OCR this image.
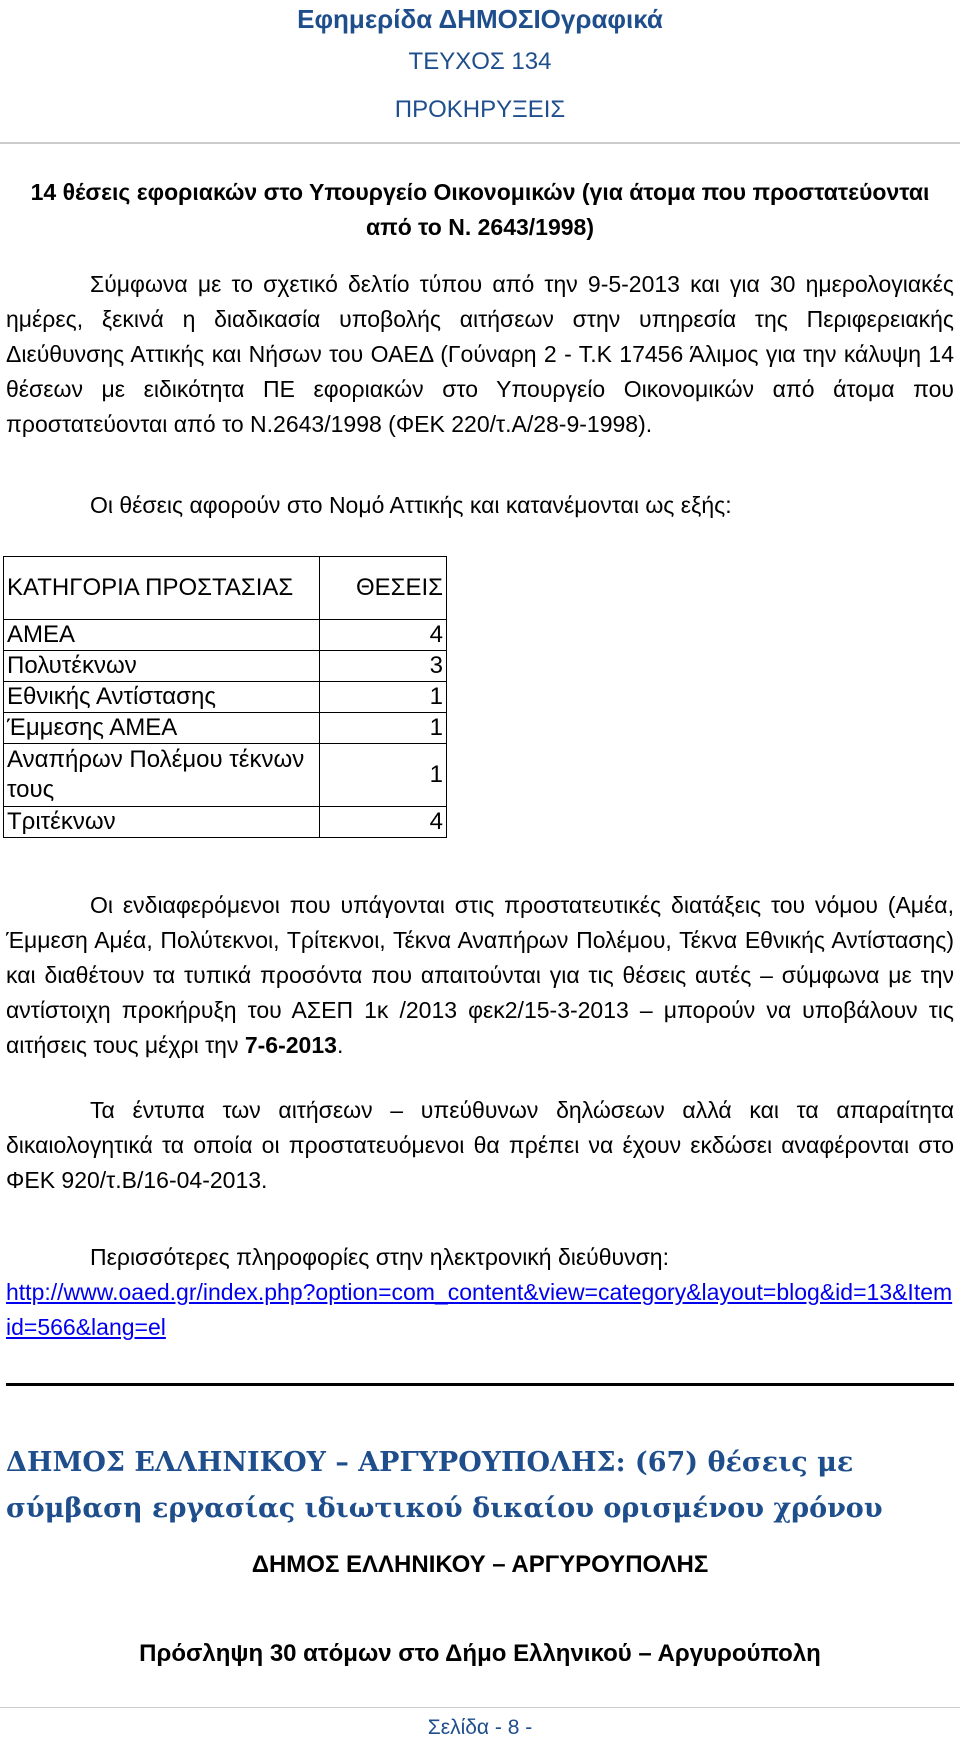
Εφημερίδα ΔΗΜΟΣΙΟγραφικά
ΤΕΥΧΟΣ 134
ΠΡΟΚΗΡΥΞΕΙΣ
14 θέσεις εφοριακών στο Υπουργείο Οικονομικών (για άτομα που προστατεύονται από το Ν. 2643/1998)
Σύμφωνα με το σχετικό δελτίο τύπου από την 9-5-2013 και για 30 ημερολογιακές ημέρες, ξεκινά η διαδικασία υποβολής αιτήσεων στην υπηρεσία της Περιφερειακής Διεύθυνσης Αττικής και Νήσων του ΟΑΕΔ (Γούναρη 2 - Τ.Κ 17456 Άλιμος για την κάλυψη 14 θέσεων με ειδικότητα ΠΕ εφοριακών στο Υπουργείο Οικονομικών από άτομα που προστατεύονται από το Ν.2643/1998 (ΦΕΚ 220/τ.Α/28-9-1998).
Οι θέσεις αφορούν στο Νομό Αττικής και κατανέμονται ως εξής:
ΚΑΤΗΓΟΡΙΑ ΠΡΟΣΤΑΣΙΑΣ	ΘΕΣΕΙΣ
ΑΜΕΑ	4
Πολυτέκνων	3
Εθνικής Αντίστασης	1
Έμμεσης ΑΜΕΑ	1
Αναπήρων Πολέμου τέκνων τους	1
Τριτέκνων	4
Οι ενδιαφερόμενοι που υπάγονται στις προστατευτικές διατάξεις του νόμου (Αμέα, Έμμεση Αμέα, Πολύτεκνοι, Τρίτεκνοι, Τέκνα Αναπήρων Πολέμου, Τέκνα Εθνικής Αντίστασης) και διαθέτουν τα τυπικά προσόντα που απαιτούνται για τις θέσεις αυτές – σύμφωνα με την αντίστοιχη προκήρυξη του ΑΣΕΠ 1κ /2013 φεκ2/15-3-2013 – μπορούν να υποβάλουν τις αιτήσεις τους μέχρι την 7-6-2013.
Τα έντυπα των αιτήσεων – υπεύθυνων δηλώσεων αλλά και τα απαραίτητα δικαιολογητικά τα οποία οι προστατευόμενοι θα πρέπει να έχουν εκδώσει αναφέρονται στο ΦΕΚ 920/τ.Β/16-04-2013.
Περισσότερες πληροφορίες στην ηλεκτρονική διεύθυνση:
http://www.oaed.gr/index.php?option=com_content&view=category&layout=blog&id=13&Itemid=566&lang=el
ΔΗΜΟΣ ΕΛΛΗΝΙΚΟΥ – ΑΡΓΥΡΟΥΠΟΛΗΣ: (67) θέσεις με σύμβαση εργασίας ιδιωτικού δικαίου ορισμένου χρόνου
ΔΗΜΟΣ ΕΛΛΗΝΙΚΟΥ – ΑΡΓΥΡΟΥΠΟΛΗΣ
Πρόσληψη 30 ατόμων στο Δήμο Ελληνικού – Αργυρούπολη
Σελίδα - 8 -
